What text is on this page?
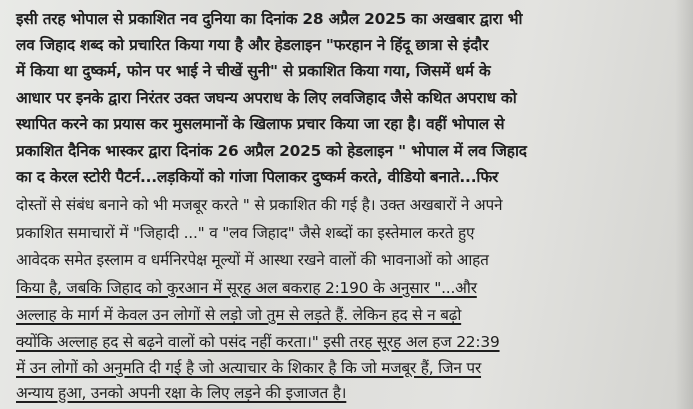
इसी तरह भोपाल से प्रकाशित नव दुनिया का दिनांक 28 अप्रैल 2025 का अखबार द्वारा भी
लव जिहाद शब्द को प्रचारित किया गया है और हेडलाइन "फरहान ने हिंदू छात्रा से इंदौर
में किया था दुष्कर्म, फोन पर भाई ने चीखें सुनी" से प्रकाशित किया गया, जिसमें धर्म के
आधार पर इनके द्वारा निरंतर उक्त जघन्य अपराध के लिए लवजिहाद जैसे कथित अपराध को
स्थापित करने का प्रयास कर मुसलमानों के खिलाफ प्रचार किया जा रहा है। वहीं भोपाल से
प्रकाशित दैनिक भास्कर द्वारा दिनांक 26 अप्रैल 2025 को हेडलाइन " भोपाल में लव जिहाद
का द केरल स्टोरी पैटर्न...लड़कियों को गांजा पिलाकर दुष्कर्म करते, वीडियो बनाते...फिर
दोस्तों से संबंध बनाने को भी मजबूर करते " से प्रकाशित की गई है। उक्त अखबारों ने अपने
प्रकाशित समाचारों में "जिहादी ..." व "लव जिहाद" जैसे शब्दों का इस्तेमाल करते हुए
आवेदक समेत इस्लाम व धर्मनिरपेक्ष मूल्यों में आस्था रखने वालों की भावनाओं को आहत
किया है, जबकि जिहाद को कुरआन में सूरह अल बकराह 2:190 के अनुसार "...और
अल्लाह के मार्ग में केवल उन लोगों से लड़ो जो तुम से लड़ते हैं. लेकिन हद से न बढ़ो
क्योंकि अल्लाह हद से बढ़ने वालों को पसंद नहीं करता।" इसी तरह सूरह अल हज 22:39
में उन लोगों को अनुमति दी गई है जो अत्याचार के शिकार है कि जो मजबूर हैं, जिन पर
अन्याय हुआ, उनको अपनी रक्षा के लिए लड़ने की इजाजत है।
